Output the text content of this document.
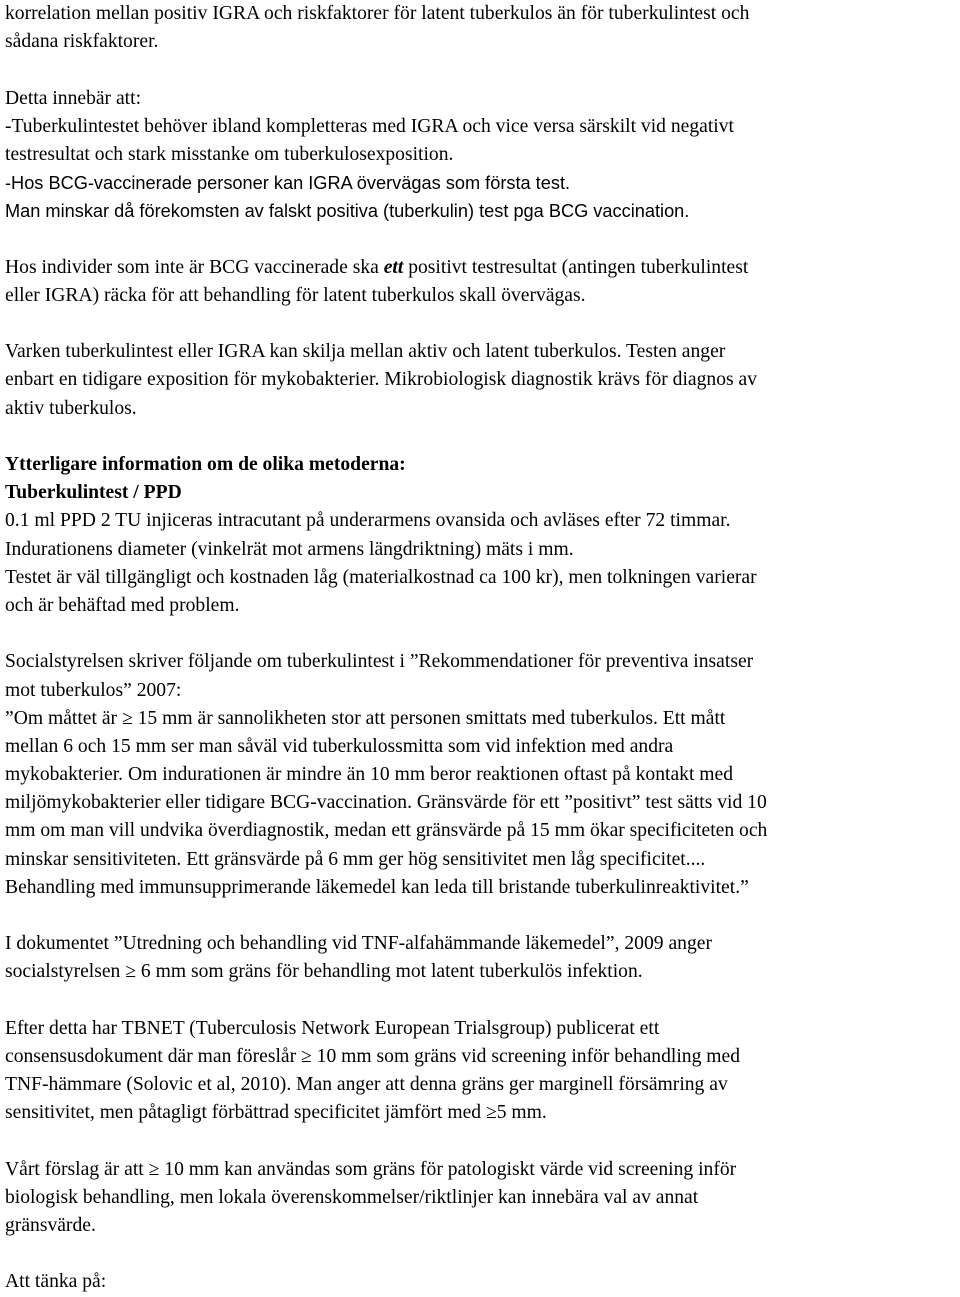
korrelation mellan positiv IGRA och riskfaktorer för latent tuberkulos än för tuberkulintest och
sådana riskfaktorer.
Detta innebär att:
-Tuberkulintestet behöver ibland kompletteras med IGRA och vice versa särskilt vid negativt
testresultat och stark misstanke om tuberkulosexposition.
-Hos BCG-vaccinerade personer kan IGRA övervägas som första test.
Man minskar då förekomsten av falskt positiva (tuberkulin) test pga BCG vaccination.
Hos individer som inte är BCG vaccinerade ska ett positivt testresultat (antingen tuberkulintest
eller IGRA) räcka för att behandling för latent tuberkulos skall övervägas.
Varken tuberkulintest eller IGRA kan skilja mellan aktiv och latent tuberkulos. Testen anger
enbart en tidigare exposition för mykobakterier. Mikrobiologisk diagnostik krävs för diagnos av
aktiv tuberkulos.
Ytterligare information om de olika metoderna:
Tuberkulintest / PPD
0.1 ml PPD 2 TU injiceras intracutant på underarmens ovansida och avläses efter 72 timmar.
Indurationens diameter (vinkelrät mot armens längdriktning) mäts i mm.
Testet är väl tillgängligt och kostnaden låg (materialkostnad ca 100 kr), men tolkningen varierar
och är behäftad med problem.
Socialstyrelsen skriver följande om tuberkulintest i ”Rekommendationer för preventiva insatser
mot tuberkulos” 2007:
”Om måttet är ≥ 15 mm är sannolikheten stor att personen smittats med tuberkulos. Ett mått
mellan 6 och 15 mm ser man såväl vid tuberkulossmitta som vid infektion med andra
mykobakterier. Om indurationen är mindre än 10 mm beror reaktionen oftast på kontakt med
miljömykobakterier eller tidigare BCG-vaccination. Gränsvärde för ett ”positivt” test sätts vid 10
mm om man vill undvika överdiagnostik, medan ett gränsvärde på 15 mm ökar specificiteten och
minskar sensitiviteten. Ett gränsvärde på 6 mm ger hög sensitivitet men låg specificitet....
Behandling med immunsupprimerande läkemedel kan leda till bristande tuberkulinreaktivitet.”
I dokumentet ”Utredning och behandling vid TNF-alfahämmande läkemedel”, 2009 anger
socialstyrelsen ≥ 6 mm som gräns för behandling mot latent tuberkulös infektion.
Efter detta har TBNET (Tuberculosis Network European Trialsgroup) publicerat ett
consensusdokument där man föreslår ≥ 10 mm som gräns vid screening inför behandling med
TNF-hämmare (Solovic et al, 2010). Man anger att denna gräns ger marginell försämring av
sensitivitet, men påtagligt förbättrad specificitet jämfört med ≥5 mm.
Vårt förslag är att ≥ 10 mm kan användas som gräns för patologiskt värde vid screening inför
biologisk behandling, men lokala överenskommelser/riktlinjer kan innebära val av annat
gränsvärde.
Att tänka på:
